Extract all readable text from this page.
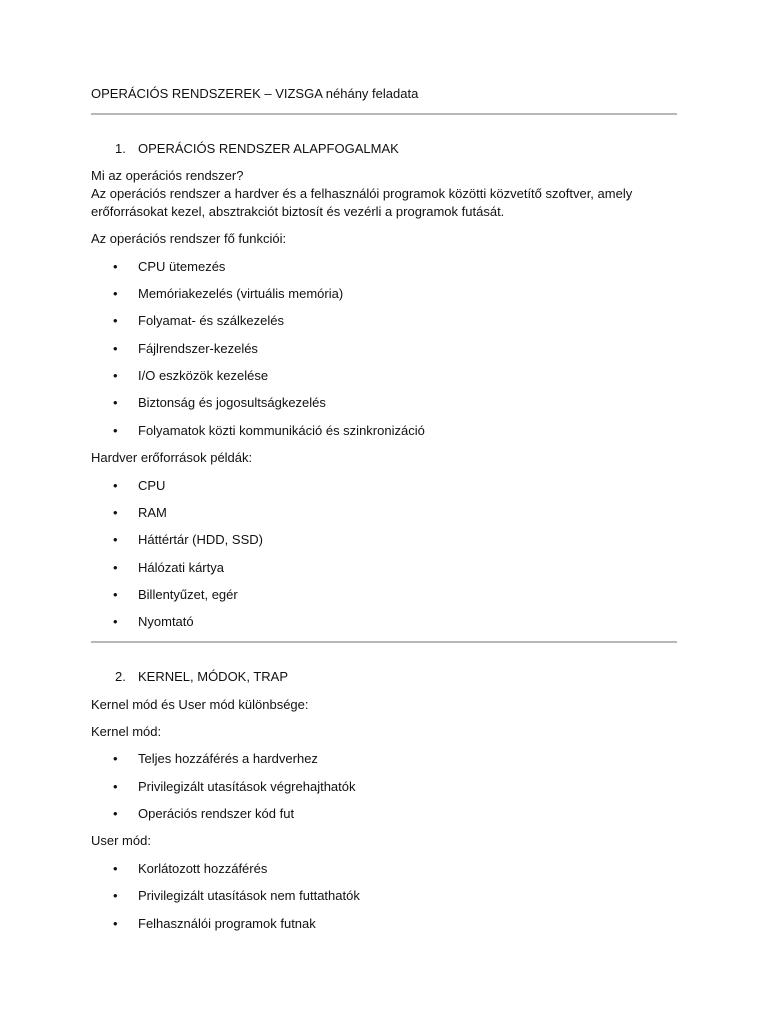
OPERÁCIÓS RENDSZEREK – VIZSGA néhány feladata
1. OPERÁCIÓS RENDSZER ALAPFOGALMAK
Mi az operációs rendszer?
Az operációs rendszer a hardver és a felhasználói programok közötti közvetítő szoftver, amely
erőforrásokat kezel, absztrakciót biztosít és vezérli a programok futását.
Az operációs rendszer fő funkciói:
• CPU ütemezés
• Memóriakezelés (virtuális memória)
• Folyamat- és szálkezelés
• Fájlrendszer-kezelés
• I/O eszközök kezelése
• Biztonság és jogosultságkezelés
• Folyamatok közti kommunikáció és szinkronizáció
Hardver erőforrások példák:
• CPU
• RAM
• Háttértár (HDD, SSD)
• Hálózati kártya
• Billentyűzet, egér
• Nyomtató
2. KERNEL, MÓDOK, TRAP
Kernel mód és User mód különbsége:
Kernel mód:
• Teljes hozzáférés a hardverhez
• Privilegizált utasítások végrehajthatók
• Operációs rendszer kód fut
User mód:
• Korlátozott hozzáférés
• Privilegizált utasítások nem futtathatók
• Felhasználói programok futnak
